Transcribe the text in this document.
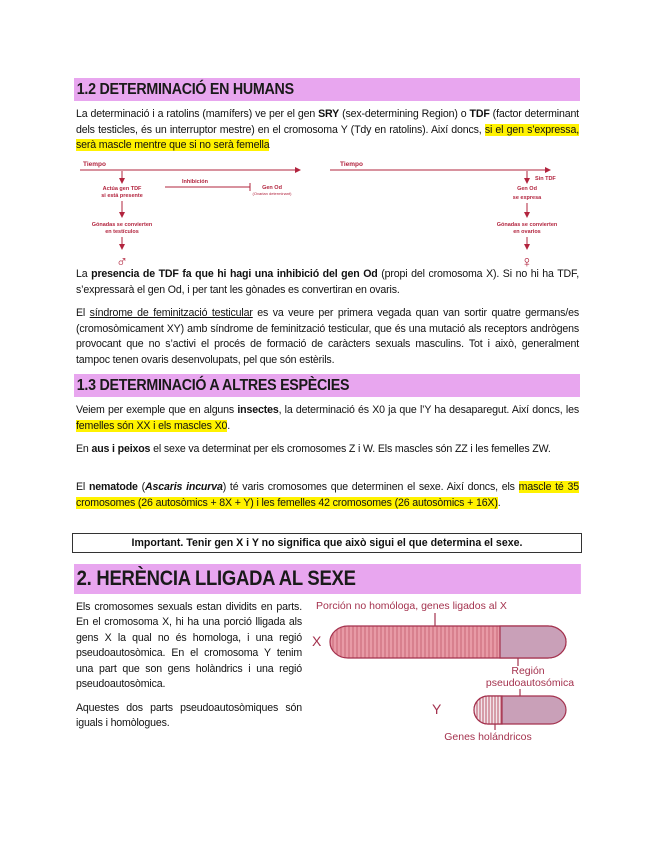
1.2 DETERMINACIÓ EN HUMANS
La determinació i a ratolins (mamífers) ve per el gen SRY (sex-determining Region) o TDF (factor determinant dels testicles, és un interruptor mestre) en el cromosoma Y (Tdy en ratolins). Així doncs, si el gen s’expressa, serà mascle mentre que si no serà femella
Tiempo	Tiempo
Actúa gen TDF
si está presente
Inhibición
Gen Od
(Ovarian determinant)
Gónadas se convierten
en testículos
♂
Sin TDF
Gen Od
se expresa
Gónadas se convierten
en ovarios
♀
La presencia de TDF fa que hi hagi una inhibició del gen Od (propi del cromosoma X). Si no hi ha TDF, s’expressarà el gen Od, i per tant les gònades es convertiran en ovaris.
El síndrome de feminització testicular es va veure per primera vegada quan van sortir quatre germans/es (cromosòmicament XY) amb síndrome de feminització testicular, que és una mutació als receptors andrògens provocant que no s’activi el procés de formació de caràcters sexuals masculins. Tot i això, generalment tampoc tenen ovaris desenvolupats, pel que són estèrils.
1.3 DETERMINACIÓ A ALTRES ESPÈCIES
Veiem per exemple que en alguns insectes, la determinació és X0 ja que l’Y ha desaparegut. Així doncs, les femelles són XX i els mascles X0.
En aus i peixos el sexe va determinat per els cromosomes Z i W. Els mascles són ZZ i les femelles ZW.
El nematode (Ascaris incurva) té varis cromosomes que determinen el sexe. Així doncs, els mascle té 35 cromosomes (26 autosòmics + 8X + Y) i les femelles 42 cromosomes (26 autosòmics + 16X).
Important. Tenir gen X i Y no significa que això sigui el que determina el sexe.
2. HERÈNCIA LLIGADA AL SEXE
Els cromosomes sexuals estan dividits en parts. En el cromosoma X, hi ha una porció lligada als gens X la qual no és homologa, i una regió pseudoautosòmica. En el cromosoma Y tenim una part que son gens holàndrics i una regió pseudoautosòmica.
Aquestes dos parts pseudoautosòmiques són iguals i homòlogues.
Porción no homóloga, genes ligados al X
X
Región
pseudoautosómica
Y
Genes holándricos
